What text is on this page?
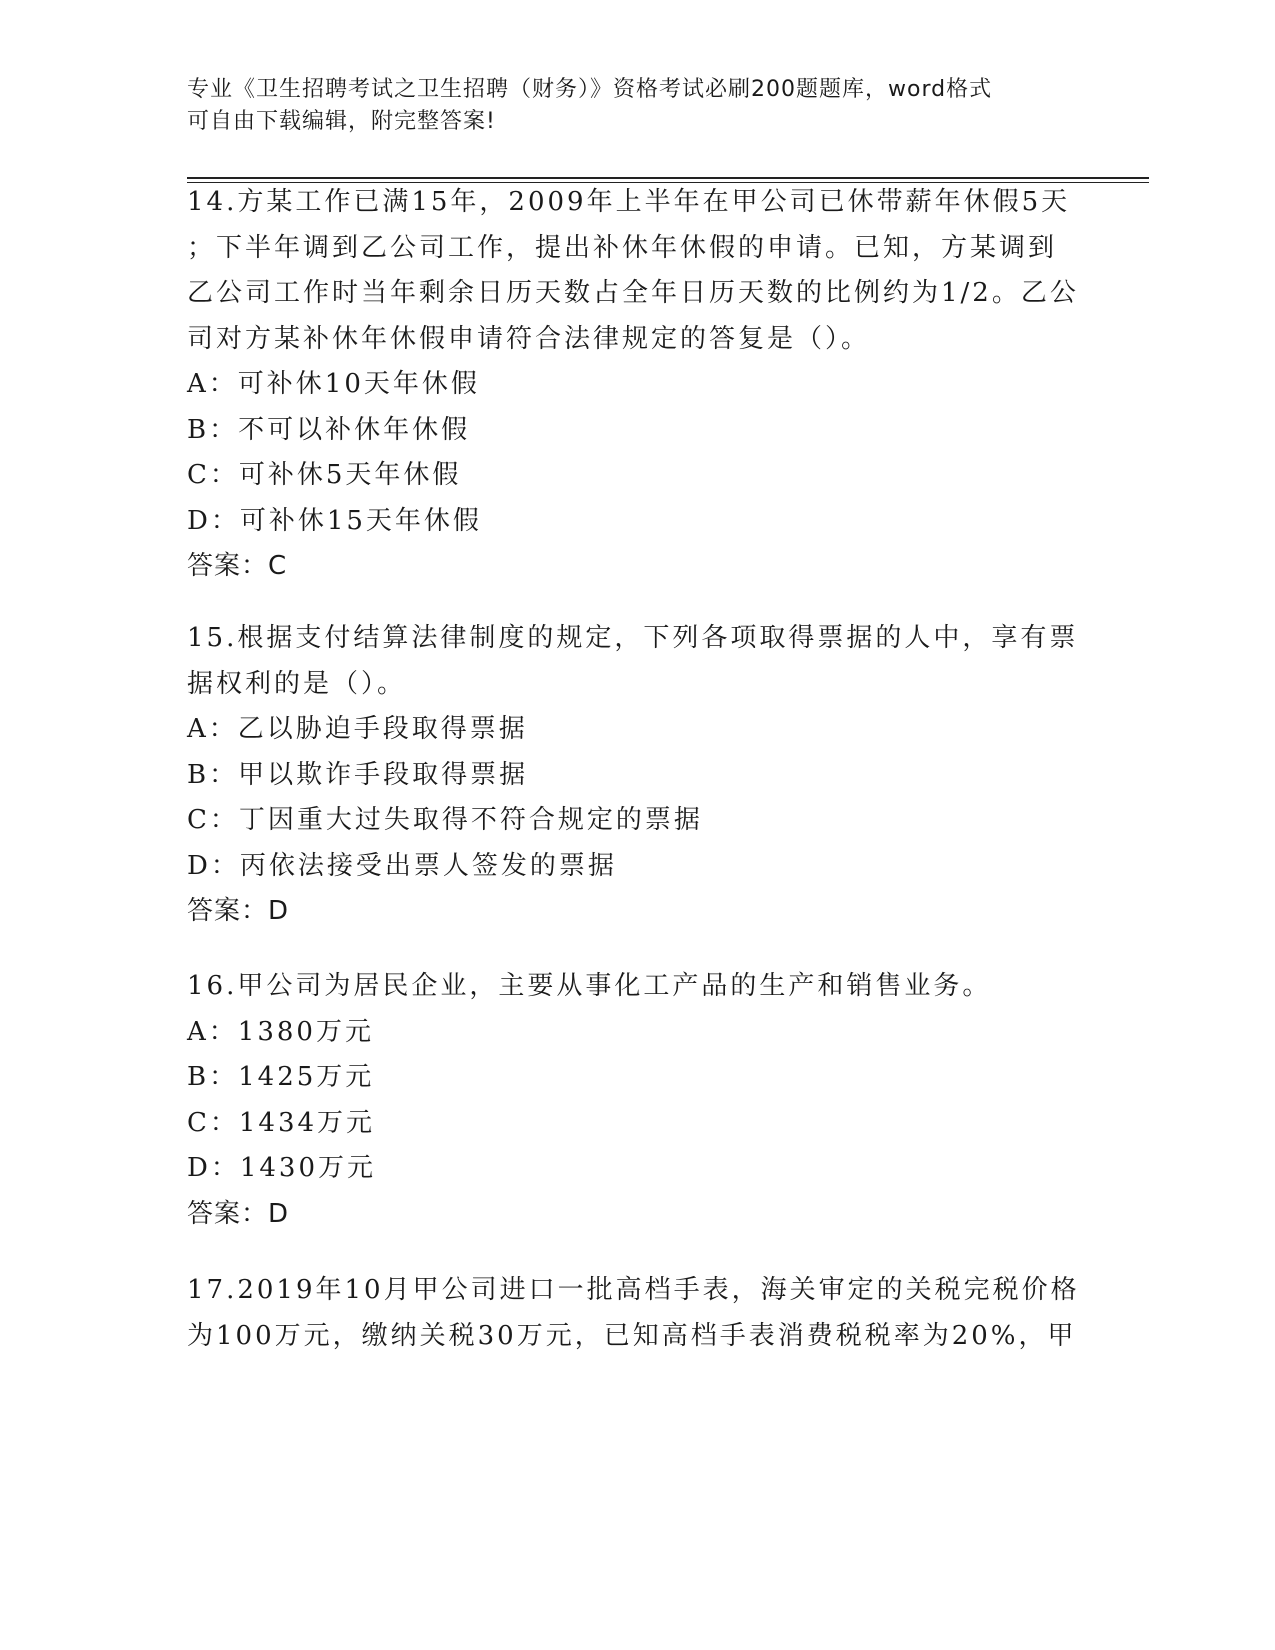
专业《卫生招聘考试之卫生招聘（财务）》资格考试必刷200题题库，word格式
可自由下载编辑，附完整答案!

14.方某工作已满15年，2009年上半年在甲公司已休带薪年休假5天

；下半年调到乙公司工作，提出补休年休假的申请。已知，方某调到

乙公司工作时当年剩余日历天数占全年日历天数的比例约为1/2。乙公

司对方某补休年休假申请符合法律规定的答复是（）。

A：可补休10天年休假

B：不可以补休年休假

C：可补休5天年休假

D：可补休15天年休假

答案：C

15.根据支付结算法律制度的规定，下列各项取得票据的人中，享有票

据权利的是（）。

A：乙以胁迫手段取得票据

B：甲以欺诈手段取得票据

C：丁因重大过失取得不符合规定的票据

D：丙依法接受出票人签发的票据

答案：D

16.甲公司为居民企业，主要从事化工产品的生产和销售业务。

A：1380万元

B：1425万元

C：1434万元

D：1430万元

答案：D

17.2019年10月甲公司进口一批高档手表，海关审定的关税完税价格

为100万元，缴纳关税30万元，已知高档手表消费税税率为20%，甲
